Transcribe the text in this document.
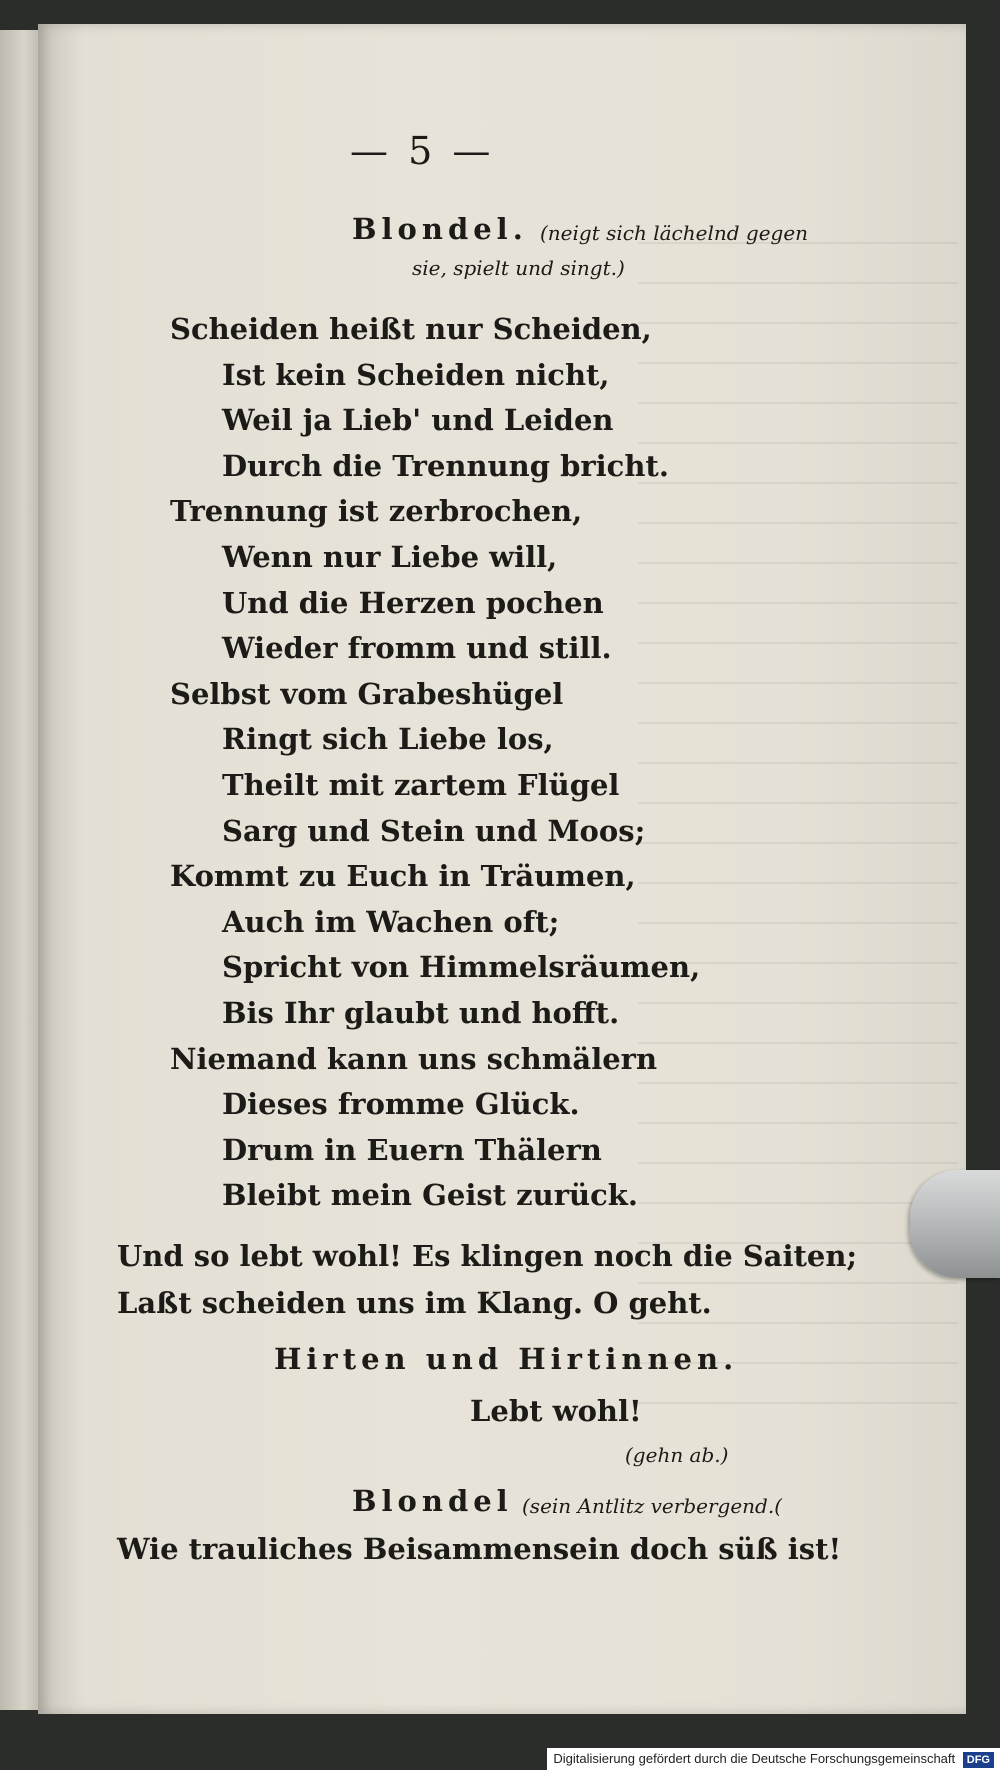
— 5 —
Blondel. (neigt sich lächelnd gegen
sie, spielt und singt.)
Scheiden heißt nur Scheiden,
Ist kein Scheiden nicht,
Weil ja Lieb' und Leiden
Durch die Trennung bricht.
Trennung ist zerbrochen,
Wenn nur Liebe will,
Und die Herzen pochen
Wieder fromm und still.
Selbst vom Grabeshügel
Ringt sich Liebe los,
Theilt mit zartem Flügel
Sarg und Stein und Moos;
Kommt zu Euch in Träumen,
Auch im Wachen oft;
Spricht von Himmelsräumen,
Bis Ihr glaubt und hofft.
Niemand kann uns schmälern
Dieses fromme Glück.
Drum in Euern Thälern
Bleibt mein Geist zurück.
Und so lebt wohl! Es klingen noch die Saiten;
Laßt scheiden uns im Klang. O geht.
Hirten und Hirtinnen.
Lebt wohl!
(gehn ab.)
Blondel (sein Antlitz verbergend.(
Wie trauliches Beisammensein doch süß ist!
Digitalisierung gefördert durch die Deutsche Forschungsgemeinschaft DFG
